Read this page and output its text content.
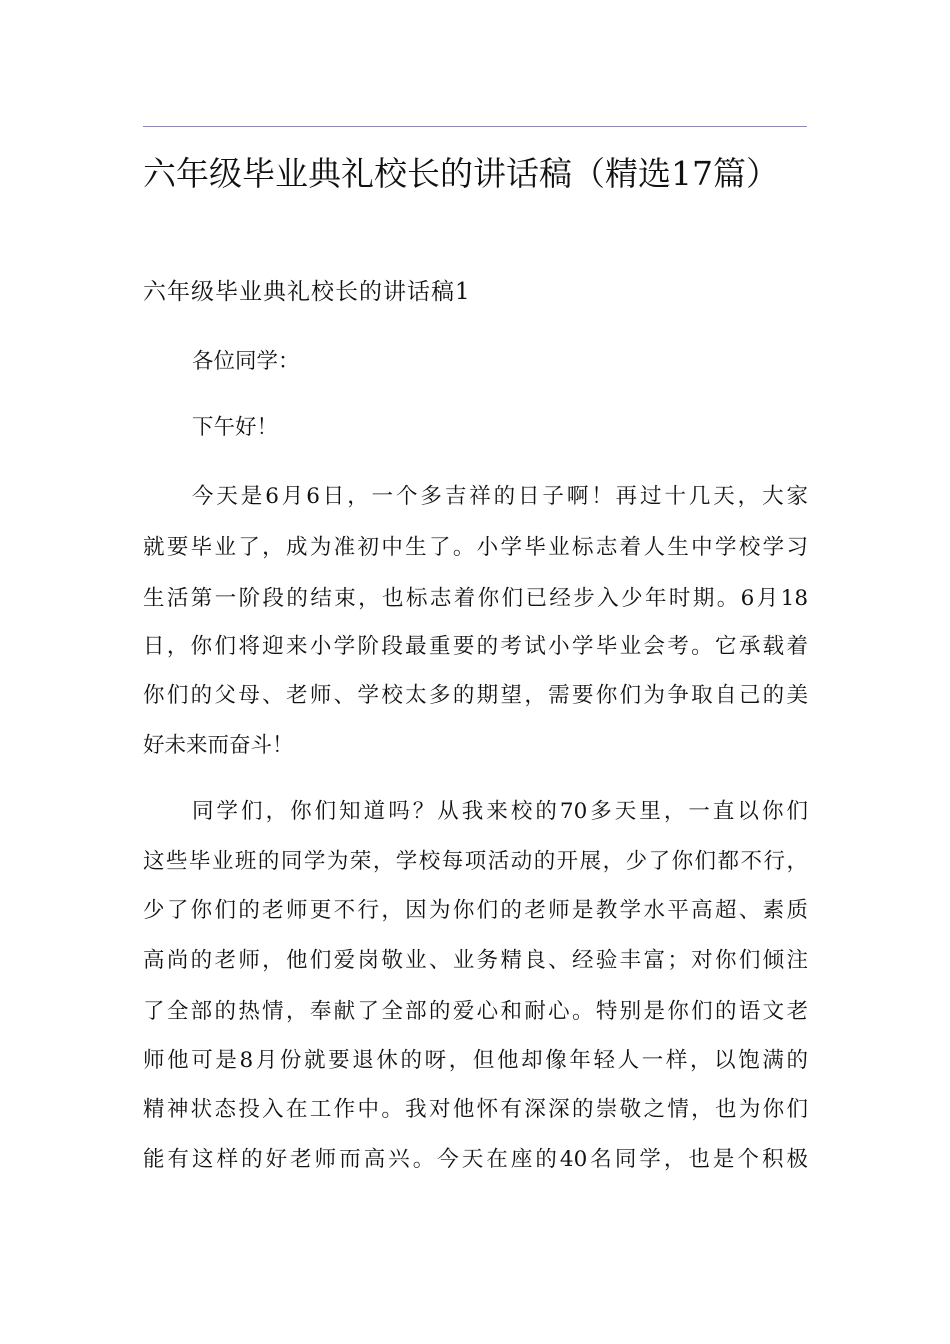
六年级毕业典礼校长的讲话稿（精选17篇）
六年级毕业典礼校长的讲话稿1
各位同学：
下午好！
今天是6月6日，一个多吉祥的日子啊！再过十几天，大家
就要毕业了，成为准初中生了。小学毕业标志着人生中学校学习
生活第一阶段的结束，也标志着你们已经步入少年时期。6月18
日，你们将迎来小学阶段最重要的考试小学毕业会考。它承载着
你们的父母、老师、学校太多的期望，需要你们为争取自己的美
好未来而奋斗！
同学们，你们知道吗？从我来校的70多天里，一直以你们
这些毕业班的同学为荣，学校每项活动的开展，少了你们都不行，
少了你们的老师更不行，因为你们的老师是教学水平高超、素质
高尚的老师，他们爱岗敬业、业务精良、经验丰富；对你们倾注
了全部的热情，奉献了全部的爱心和耐心。特别是你们的语文老
师他可是8月份就要退休的呀，但他却像年轻人一样，以饱满的
精神状态投入在工作中。我对他怀有深深的崇敬之情，也为你们
能有这样的好老师而高兴。今天在座的40名同学，也是个积极
